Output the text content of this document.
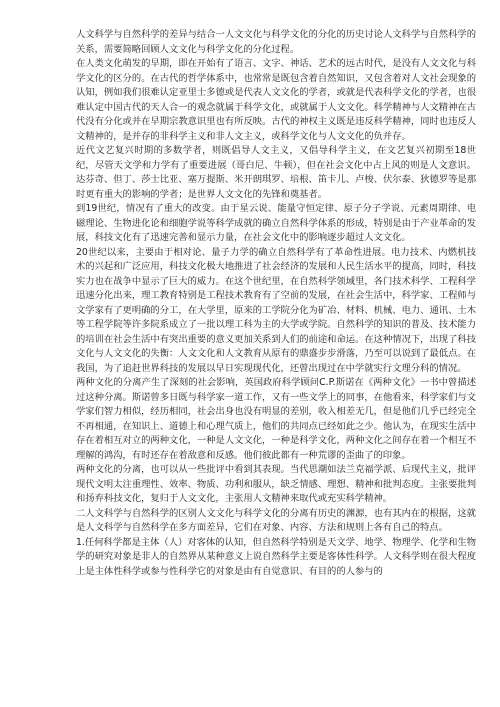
人文科学与自然科学的差异与结合一人文文化与科学文化的分化的历史讨论人文科学与自然科学的关系，需要简略回顾人文文化与科学文化的分化过程。

在人类文化萌发的早期，即在开始有了语言、文字、神话、艺术的远古时代，是没有人文文化与科学文化的区分的。在古代的哲学体系中，也常常是既包含着自然知识，又包含着对人文社会现象的认知，例如我们很难认定亚里士多德或是代表人文文化的学者，或就是代表科学文化的学者，也很难认定中国古代的天人合一的观念就属于科学文化，或就属于人文文化。科学精神与人文精神在古代没有分化或并在早期宗教意识里也有所反映。古代的神权主义既是违反科学精神，同时也违反人文精神的，是并存的非科学主义和非人文主义，或科学文化与人文文化的负并存。

近代文艺复兴时期的多数学者，则既倡导人文主义，又倡导科学主义，在文艺复兴初期至18世纪，尽管天文学和力学有了重要进展（哥白尼、牛顿），但在社会文化中占上风的则是人文意识。达芬奇、但丁、莎士比亚、塞万提斯、米开朗琪罗、培根、笛卡儿、卢梭、伏尔泰、狄德罗等是那时更有重大的影响的学者；是世界人文文化的先锋和奠基者。

到19世纪，情况有了重大的改变。由于星云说、能量守恒定律、原子分子学说、元素周期律、电磁理论、生物进化论和细胞学说等科学成就的确立自然科学体系的形成，特别是由于产业革命的发展，科技文化有了迅速完善和显示力量，在社会文化中的影响逐步超过人文文化。

20世纪以来，主要由于相对论、量子力学的确立自然科学有了革命性进展。电力技术、内燃机技术的兴起和广泛应用，科技文化极大地推进了社会经济的发展和人民生活水平的提高，同时，科技实力也在战争中显示了巨大的威力。在这个世纪里，在自然科学领域里，各门技术科学、工程科学迅速分化出来，理工教育特别是工程技术教育有了空前的发展，在社会生活中，科学家、工程师与文学家有了更明确的分工，在大学里，原来的工学院分化为矿冶、材料、机械、电力、通讯、土木等工程学院等许多院系成立了一批以理工科为主的大学或学院。自然科学的知识的普及、技术能力的培训在社会生活中有突出重要的意义更加关系到人们的前途和命运。在这种情况下，出现了科技文化与人文文化的失衡：人文文化和人文教育从原有的鼎盛步步滑落，乃至可以说到了最低点。在我国，为了追赶世界科技的发展以早日实现现代化，还曾出现过在中学就实行文理分科的情况。

两种文化的分离产生了深刻的社会影响，英国政府科学顾问C.P.斯诺在《两种文化》一书中曾描述过这种分离。斯诺曾多日既与科学家一道工作，又有一些文学上的同事，在他看来，科学家们与文学家们智力相似，经历相同，社会出身也没有明显的差别，收入相差无几，但是他们几乎已经完全不再相通，在知识上、道德上和心理气质上，他们的共同点已经如此之少。他认为，在现实生活中存在着相互对立的两种文化，一种是人文文化，一种是科学文化，两种文化之间存在着一个相互不理解的鸿沟，有时还存在着敌意和反感。他们彼此都有一种荒谬的歪曲了的印象。

两种文化的分离，也可以从一些批评中看到其表现。当代思潮如法兰克福学派、后现代主义，批评现代文明太注重理性、效率、物质、功利和服从，缺乏情感、理想、精神和批判态度。主张要批判和扬弃科技文化，复归于人文文化，主张用人文精神来取代或充实科学精神。

二人文科学与自然科学的区别人文文化与科学文化的分离有历史的渊源，也有其内在的根据，这就是人文科学与自然科学在多方面差异，它们在对象、内容、方法和规则上各有自己的特点。

1.任何科学都是主体（人）对客体的认知，但自然科学特别是天文学、地学、物理学、化学和生物学的研究对象是非人的自然界从某种意义上说自然科学主要是客体性科学。人文科学则在很大程度上是主体性科学或参与性科学它的对象是由有自觉意识、有目的的人参与的
